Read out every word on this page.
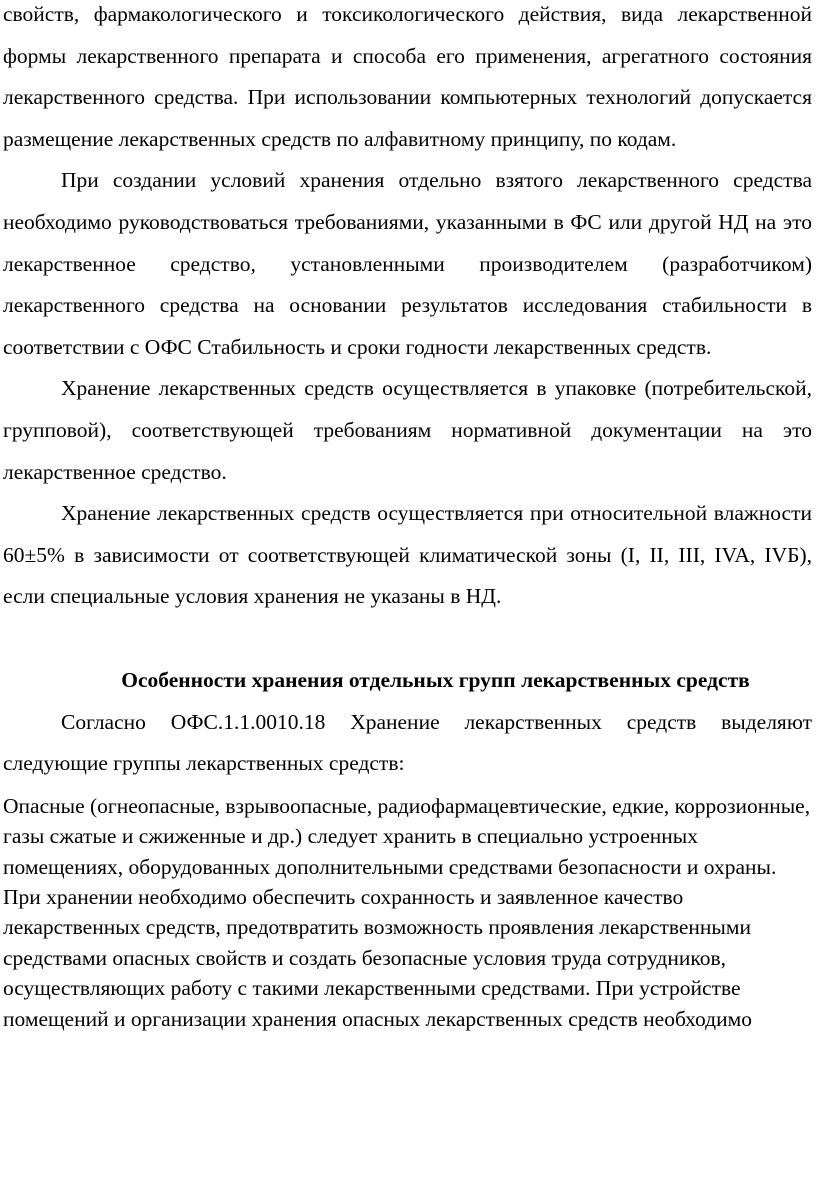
свойств, фармакологического и токсикологического действия, вида лекарственной формы лекарственного препарата и способа его применения, агрегатного состояния лекарственного средства. При использовании компьютерных технологий допускается размещение лекарственных средств по алфавитному принципу, по кодам.

При создании условий хранения отдельно взятого лекарственного средства необходимо руководствоваться требованиями, указанными в ФС или другой НД на это лекарственное средство, установленными производителем (разработчиком) лекарственного средства на основании результатов исследования стабильности в соответствии с ОФС Стабильность и сроки годности лекарственных средств.

Хранение лекарственных средств осуществляется в упаковке (потребительской, групповой), соответствующей требованиям нормативной документации на это лекарственное средство.

Хранение лекарственных средств осуществляется при относительной влажности 60±5% в зависимости от соответствующей климатической зоны (I, II, III, IVA, IVБ), если специальные условия хранения не указаны в НД.

Особенности хранения отдельных групп лекарственных средств

Согласно ОФС.1.1.0010.18 Хранение лекарственных средств выделяют следующие группы лекарственных средств:

Опасные (огнеопасные, взрывоопасные, радиофармацевтические, едкие, коррозионные, газы сжатые и сжиженные и др.) следует хранить в специально устроенных помещениях, оборудованных дополнительными средствами безопасности и охраны. При хранении необходимо обеспечить сохранность и заявленное качество лекарственных средств, предотвратить возможность проявления лекарственными средствами опасных свойств и создать безопасные условия труда сотрудников, осуществляющих работу с такими лекарственными средствами. При устройстве помещений и организации хранения опасных лекарственных средств необходимо
